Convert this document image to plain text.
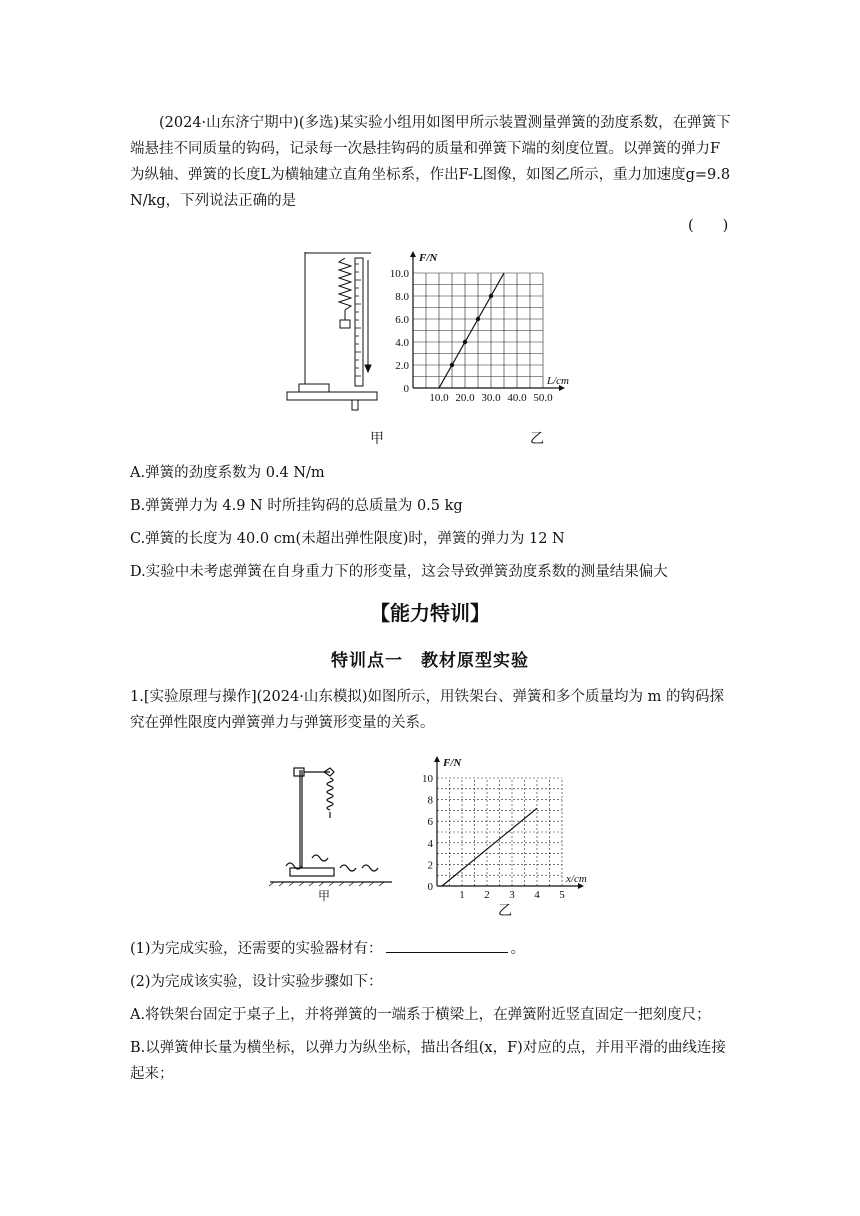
(2024·山东济宁期中)(多选)某实验小组用如图甲所示装置测量弹簧的劲度系数，在弹簧下端悬挂不同质量的钩码，记录每一次悬挂钩码的质量和弹簧下端的刻度位置。以弹簧的弹力F为纵轴、弹簧的长度L为横轴建立直角坐标系，作出F-L图像，如图乙所示，重力加速度g=9.8 N/kg，下列说法正确的是

(　　)
0
2.0
4.0
6.0
8.0
10.0
10.0 20.0 30.0 40.0 50.0
F/N
L/cm
甲	乙

A.弹簧的劲度系数为 0.4 N/m

B.弹簧弹力为 4.9 N 时所挂钩码的总质量为 0.5 kg

C.弹簧的长度为 40.0 cm(未超出弹性限度)时，弹簧的弹力为 12 N

D.实验中未考虑弹簧在自身重力下的形变量，这会导致弹簧劲度系数的测量结果偏大

【能力特训】
特训点一　教材原型实验

1.[实验原理与操作](2024·山东模拟)如图所示，用铁架台、弹簧和多个质量均为 m 的钩码探究在弹性限度内弹簧弹力与弹簧形变量的关系。

甲
0
2
4
6
8
10
1 2 3 4 5
F/N
x/cm
乙

(1)为完成实验，还需要的实验器材有：	。

(2)为完成该实验，设计实验步骤如下：

A.将铁架台固定于桌子上，并将弹簧的一端系于横梁上，在弹簧附近竖直固定一把刻度尺；

B.以弹簧伸长量为横坐标，以弹力为纵坐标，描出各组(x，F)对应的点，并用平滑的曲线连接起来；
